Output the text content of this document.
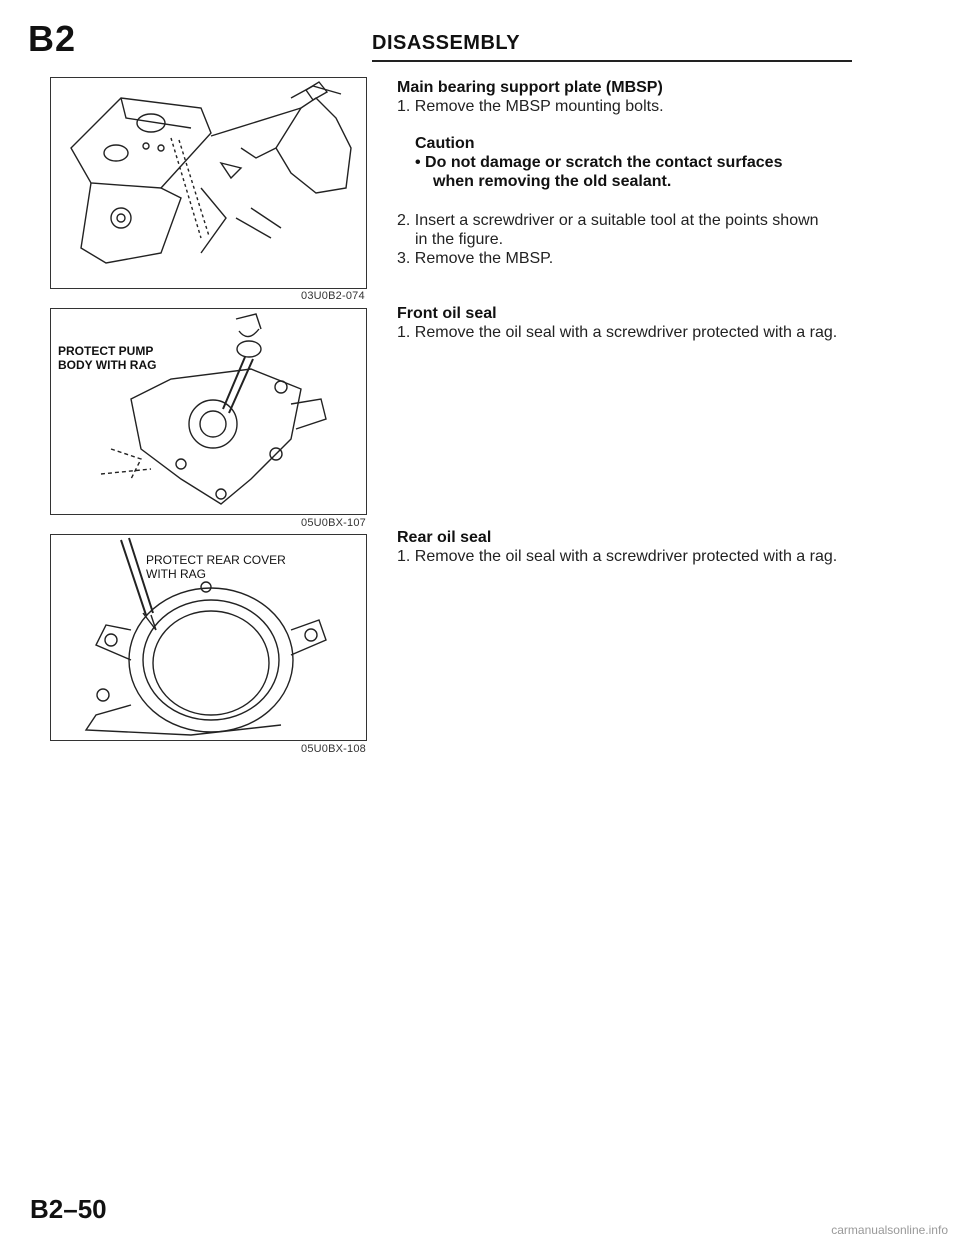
B2	DISASSEMBLY
03U0B2-074
PROTECT PUMP
BODY WITH RAG
05U0BX-107
PROTECT REAR COVER
WITH RAG
05U0BX-108
Main bearing support plate (MBSP)
1. Remove the MBSP mounting bolts.
Caution
• Do not damage or scratch the contact surfaces
when removing the old sealant.
2. Insert a screwdriver or a suitable tool at the points shown
in the figure.
3. Remove the MBSP.
Front oil seal
1. Remove the oil seal with a screwdriver protected with a rag.
Rear oil seal
1. Remove the oil seal with a screwdriver protected with a rag.
B2–50
carmanualsonline.info
